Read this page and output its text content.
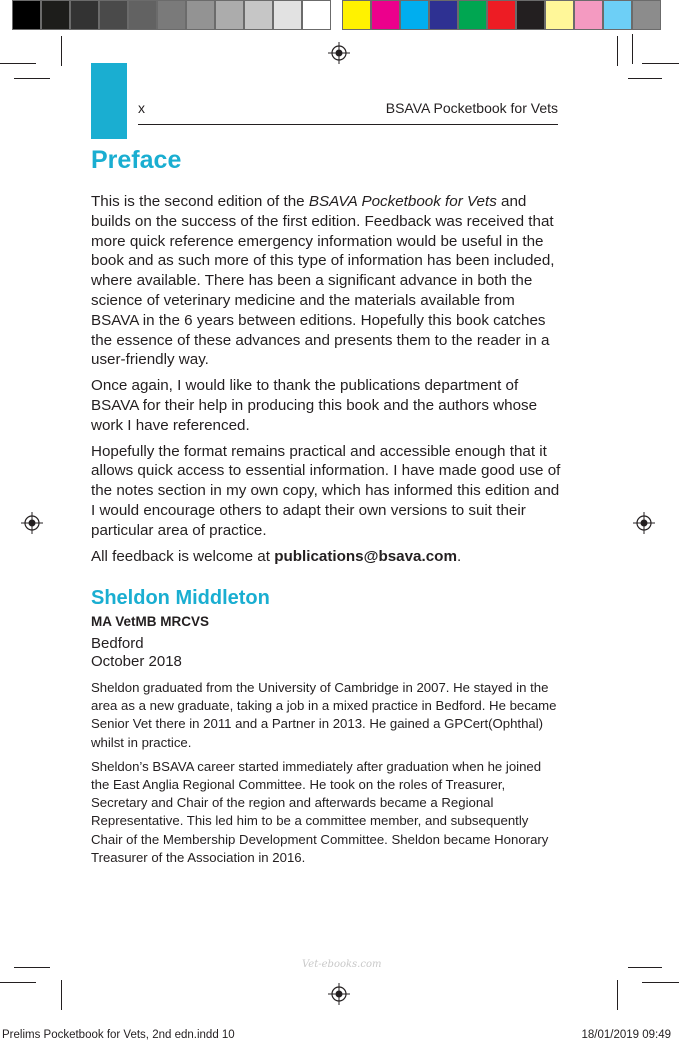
x	BSAVA Pocketbook for Vets
Preface

This is the second edition of the BSAVA Pocketbook for Vets and builds on the success of the first edition. Feedback was received that more quick reference emergency information would be useful in the book and as such more of this type of information has been included, where available. There has been a significant advance in both the science of veterinary medicine and the materials available from BSAVA in the 6 years between editions. Hopefully this book catches the essence of these advances and presents them to the reader in a user-friendly way.

Once again, I would like to thank the publications department of BSAVA for their help in producing this book and the authors whose work I have referenced.

Hopefully the format remains practical and accessible enough that it allows quick access to essential information. I have made good use of the notes section in my own copy, which has informed this edition and I would encourage others to adapt their own versions to suit their particular area of practice.

All feedback is welcome at publications@bsava.com.

Sheldon Middleton
MA VetMB MRCVS
Bedford
October 2018

Sheldon graduated from the University of Cambridge in 2007. He stayed in the area as a new graduate, taking a job in a mixed practice in Bedford. He became Senior Vet there in 2011 and a Partner in 2013. He gained a GPCert(Ophthal) whilst in practice.

Sheldon’s BSAVA career started immediately after graduation when he joined the East Anglia Regional Committee. He took on the roles of Treasurer, Secretary and Chair of the region and afterwards became a Regional Representative. This led him to be a committee member, and subsequently Chair of the Membership Development Committee. Sheldon became Honorary Treasurer of the Association in 2016.

Vet-ebooks.com
Prelims Pocketbook for Vets, 2nd edn.indd 10	18/01/2019 09:49
